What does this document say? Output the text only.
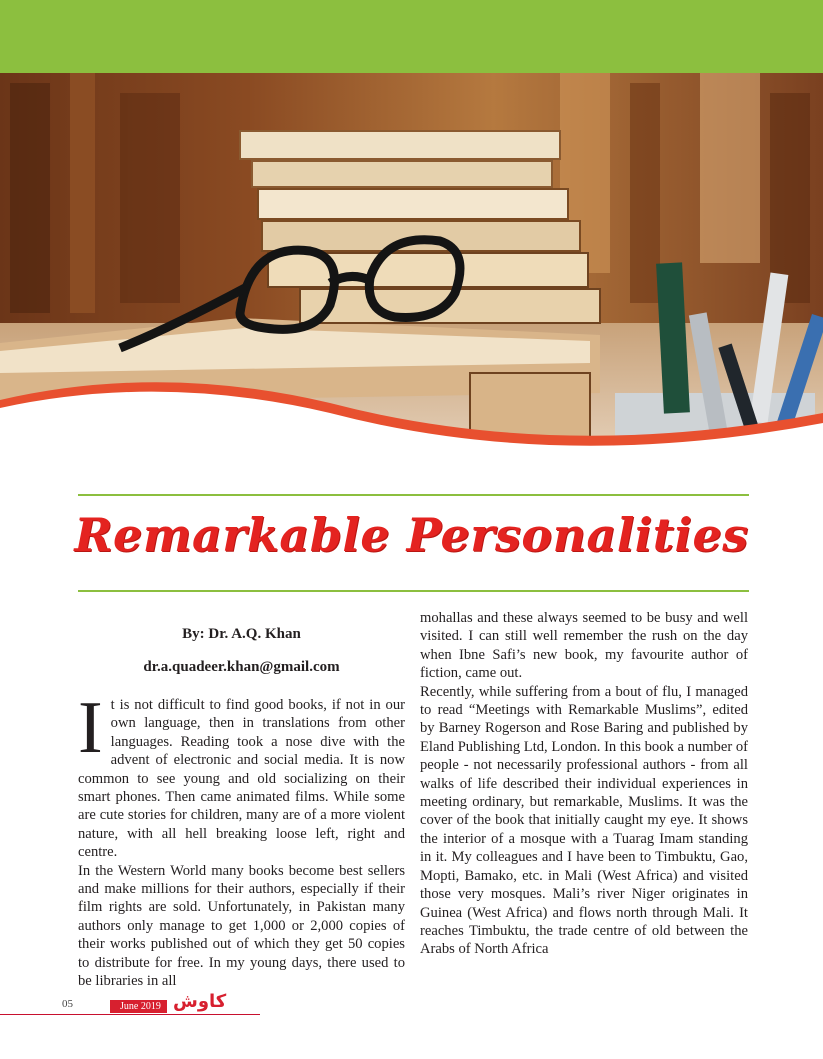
Remarkable Personalities
By: Dr. A.Q. Khan
dr.a.quadeer.khan@gmail.com
I t is not difficult to find good books, if not in our own language, then in translations from other languages. Reading took a nose dive with the advent of electronic and social media. It is now common to see young and old socializing on their smart phones. Then came animated films. While some are cute stories for children, many are of a more violent nature, with all hell breaking loose left, right and centre.

In the Western World many books become best sellers and make millions for their authors, especially if their film rights are sold. Unfortunately, in Pakistan many authors only manage to get 1,000 or 2,000 copies of their works published out of which they get 50 copies to distribute for free. In my young days, there used to be libraries in all

mohallas and these always seemed to be busy and well visited. I can still well remember the rush on the day when Ibne Safi’s new book, my favourite author of fiction, came out.

Recently, while suffering from a bout of flu, I managed to read “Meetings with Remarkable Muslims”, edited by Barney Rogerson and Rose Baring and published by Eland Publishing Ltd, London. In this book a number of people - not necessarily professional authors - from all walks of life described their individual experiences in meeting ordinary, but remarkable, Muslims. It was the cover of the book that initially caught my eye. It shows the interior of a mosque with a Tuarag Imam standing in it. My colleagues and I have been to Timbuktu, Gao, Mopti, Bamako, etc. in Mali (West Africa) and visited those very mosques. Mali’s river Niger originates in Guinea (West Africa) and flows north through Mali. It reaches Timbuktu, the trade centre of old between the Arabs of North Africa

05	June 2019 کاوش
